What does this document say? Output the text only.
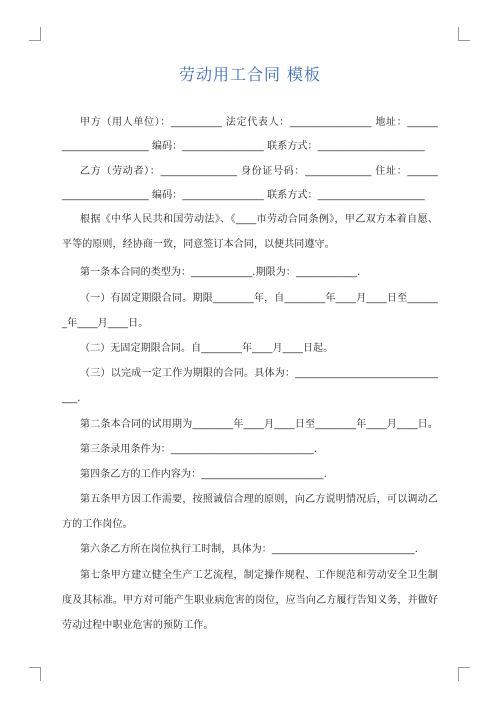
劳动用工合同 模板
甲方（用人单位）：__________ 法定代表人：________________ 地址：______
_________________ 编码：________________ 联系方式：_____________________
乙方（劳动者）：_______________ 身份证号码：_____________ 住址：______
_________________ 编码：________________ 联系方式：_____________________
根据《中华人民共和国劳动法》、《____市劳动合同条例》，甲乙双方本着自愿、
平等的原则，经协商一致，同意签订本合同，以便共同遵守。
第一条本合同的类型为：____________.期限为：____________.
（一）有固定期限合同。期限________年，自________年____月____日至______
_年____月____日。
（二）无固定期限合同。自________年____月____日起。
（三）以完成一定工作为期限的合同。具体为：____________________________
___.
第二条本合同的试用期为________年____月____日至________年____月____日。
第三条录用条件为：____________________________.
第四条乙方的工作内容为：________________________.
第五条甲方因工作需要，按照诚信合理的原则，向乙方说明情况后，可以调动乙
方的工作岗位。
第六条乙方所在岗位执行工时制，具体为：____________________________.
第七条甲方建立健全生产工艺流程，制定操作规程、工作规范和劳动安全卫生制
度及其标准。甲方对可能产生职业病危害的岗位，应当向乙方履行告知义务，并做好
劳动过程中职业危害的预防工作。
